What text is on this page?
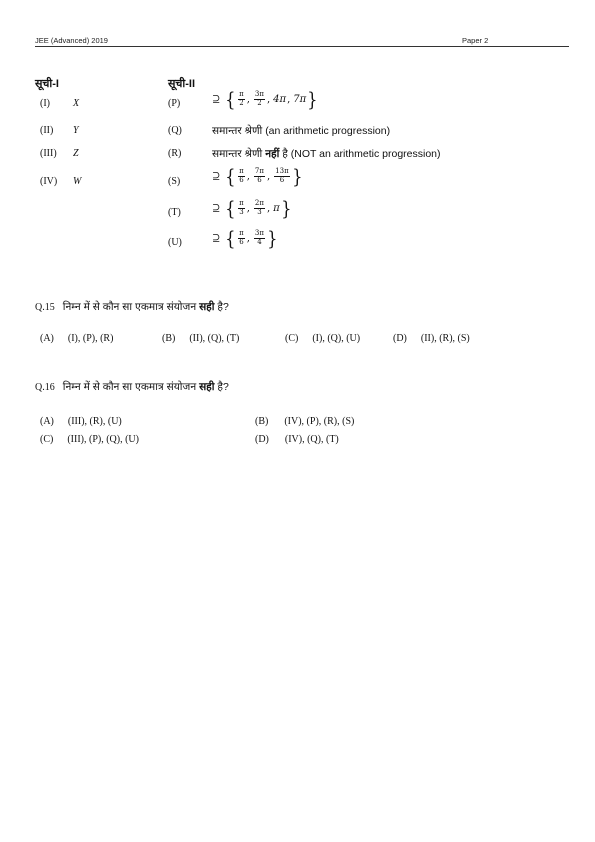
JEE (Advanced) 2019	Paper 2
सूची-I	सूची-II
(I) X
(II) Y
(III) Z
(IV) W
(P)	⊇ { $\frac{\pi}{2}$ , $\frac{3\pi}{2}$ , 4π , 7π }
(Q)	समान्तर श्रेणी (an arithmetic progression)
(R)	समान्तर श्रेणी नहीं है (NOT an arithmetic progression)
(S)	⊇ { $\frac{\pi}{6}$ , $\frac{7\pi}{6}$ , $\frac{13\pi}{6}$ }
(T)	⊇ { $\frac{\pi}{3}$ , $\frac{2\pi}{3}$ , π }
(U)	⊇ { $\frac{\pi}{6}$ , $\frac{3\pi}{4}$ }
Q.15 निम्न में से कौन सा एकमात्र संयोजन सही है?
(A) (I), (P), (R)	(B) (II), (Q), (T)	(C) (I), (Q), (U)	(D) (II), (R), (S)
Q.16 निम्न में से कौन सा एकमात्र संयोजन सही है?
(A) (III), (R), (U)	(B) (IV), (P), (R), (S)
(C) (III), (P), (Q), (U)	(D) (IV), (Q), (T)
